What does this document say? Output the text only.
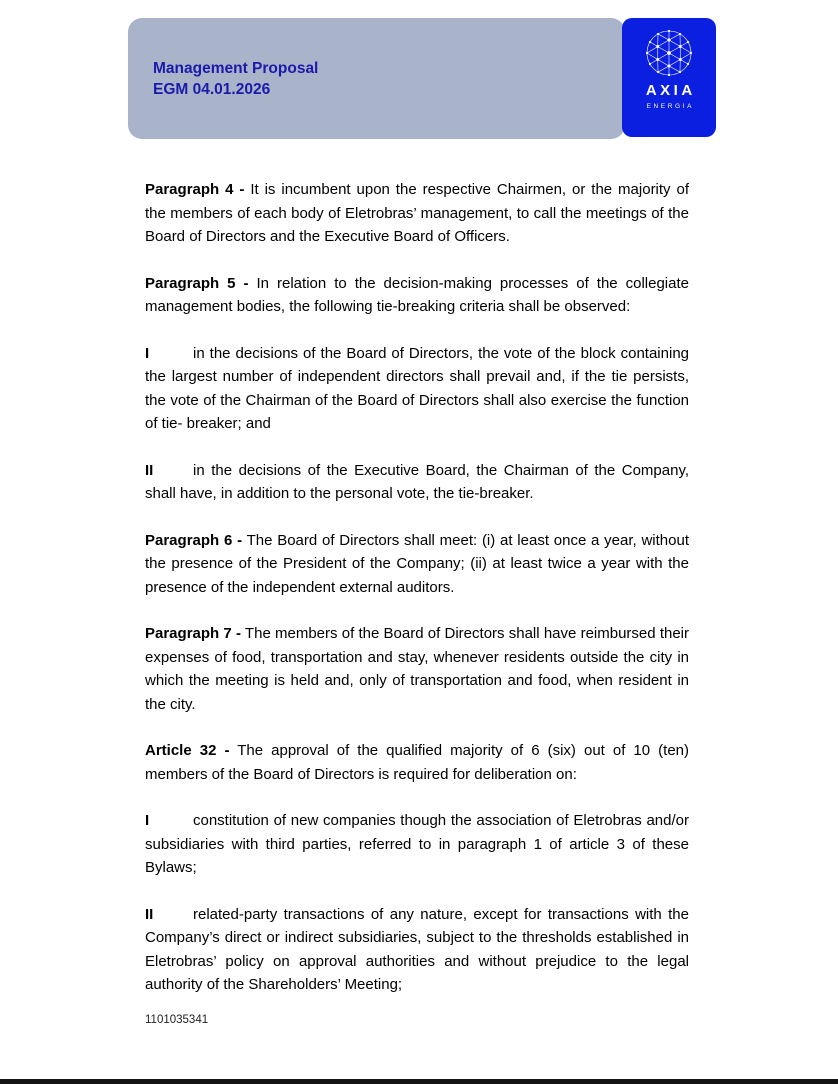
Management Proposal
EGM 04.01.2026	AXIA
ENERGIA

Paragraph 4 - It is incumbent upon the respective Chairmen, or the majority of the members of each body of Eletrobras’ management, to call the meetings of the Board of Directors and the Executive Board of Officers.

Paragraph 5 - In relation to the decision-making processes of the collegiate management bodies, the following tie-breaking criteria shall be observed:

I	in the decisions of the Board of Directors, the vote of the block containing the largest number of independent directors shall prevail and, if the tie persists, the vote of the Chairman of the Board of Directors shall also exercise the function of tie- breaker; and

II	in the decisions of the Executive Board, the Chairman of the Company, shall have, in addition to the personal vote, the tie-breaker.

Paragraph 6 - The Board of Directors shall meet: (i) at least once a year, without the presence of the President of the Company; (ii) at least twice a year with the presence of the independent external auditors.

Paragraph 7 - The members of the Board of Directors shall have reimbursed their expenses of food, transportation and stay, whenever residents outside the city in which the meeting is held and, only of transportation and food, when resident in the city.

Article 32 - The approval of the qualified majority of 6 (six) out of 10 (ten) members of the Board of Directors is required for deliberation on:

I	constitution of new companies though the association of Eletrobras and/or subsidiaries with third parties, referred to in paragraph 1 of article 3 of these Bylaws;

II	related-party transactions of any nature, except for transactions with the Company’s direct or indirect subsidiaries, subject to the thresholds established in Eletrobras’ policy on approval authorities and without prejudice to the legal authority of the Shareholders’ Meeting;

1101035341
